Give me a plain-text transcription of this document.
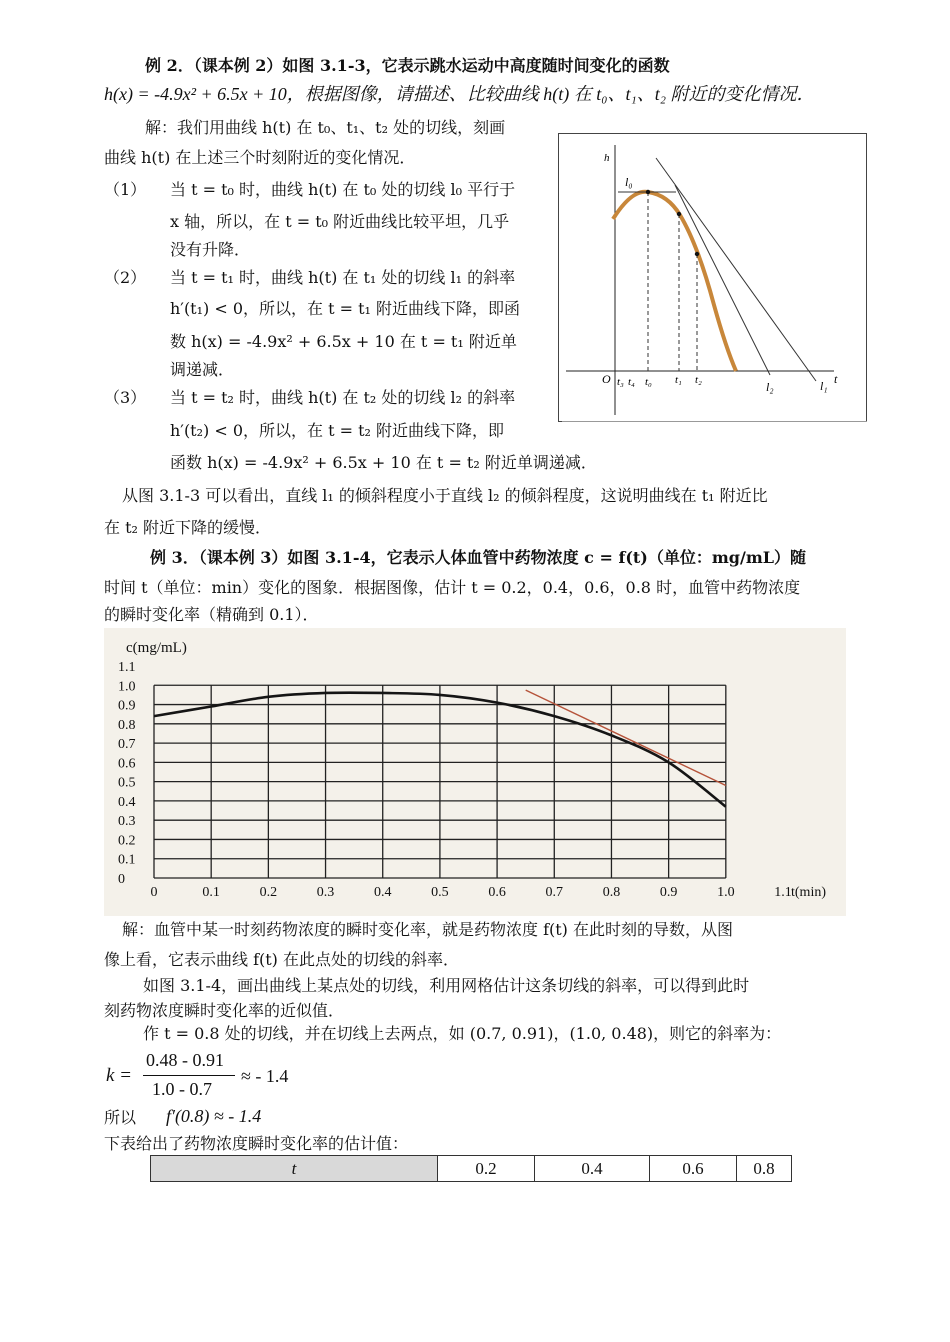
例 2．（课本例 2）如图 3.1-3，它表示跳水运动中高度随时间变化的函数
h(x) = -4.9x² + 6.5x + 10，根据图像，请描述、比较曲线 h(t) 在 t₀、t₁、t₂ 附近的变化情况．
解：我们用曲线 h(t) 在 t₀、t₁、t₂ 处的切线，刻画
曲线 h(t) 在上述三个时刻附近的变化情况．
（1） 当 t = t₀ 时，曲线 h(t) 在 t₀ 处的切线 l₀ 平行于
x 轴，所以，在 t = t₀ 附近曲线比较平坦，几乎
没有升降．
（2） 当 t = t₁ 时，曲线 h(t) 在 t₁ 处的切线 l₁ 的斜率
h′(t₁) < 0，所以，在 t = t₁ 附近曲线下降，即函
数 h(x) = -4.9x² + 6.5x + 10 在 t = t₁ 附近单
调递减．
（3） 当 t = t₂ 时，曲线 h(t) 在 t₂ 处的切线 l₂ 的斜率
h′(t₂) < 0，所以，在 t = t₂ 附近曲线下降，即
函数 h(x) = -4.9x² + 6.5x + 10 在 t = t₂ 附近单调递减．
从图 3.1-3 可以看出，直线 l₁ 的倾斜程度小于直线 l₂ 的倾斜程度，这说明曲线在 t₁ 附近比
在 t₂ 附近下降的缓慢．
h
t
O
l₀
l₂	l₁
t₃ t₄ t₀ t₁ t₂
例 3．（课本例 3）如图 3.1-4，它表示人体血管中药物浓度 c = f(t)（单位：mg/mL）随
时间 t（单位：min）变化的图象．根据图像，估计 t = 0.2，0.4，0.6，0.8 时，血管中药物浓度
的瞬时变化率（精确到 0.1）．
0	0.1	0.2	0.3	0.4	0.5	0.6	0.7	0.8	0.9	1.0	1.1
0
0.1
0.2
0.3
0.4
0.5
0.6
0.7
0.8
0.9
1.0
1.1
c(mg/mL)
t(min)
解：血管中某一时刻药物浓度的瞬时变化率，就是药物浓度 f(t) 在此时刻的导数，从图
像上看，它表示曲线 f(t) 在此点处的切线的斜率．
如图 3.1-4，画出曲线上某点处的切线，利用网格估计这条切线的斜率，可以得到此时
刻药物浓度瞬时变化率的近似值．
作 t = 0.8 处的切线，并在切线上去两点，如 (0.7, 0.91)，(1.0, 0.48)，则它的斜率为：
k =
0.48 - 0.91
1.0 - 0.7
≈ - 1.4
所以 f′(0.8) ≈ - 1.4
下表给出了药物浓度瞬时变化率的估计值：
t	0.2	0.4	0.6	0.8
